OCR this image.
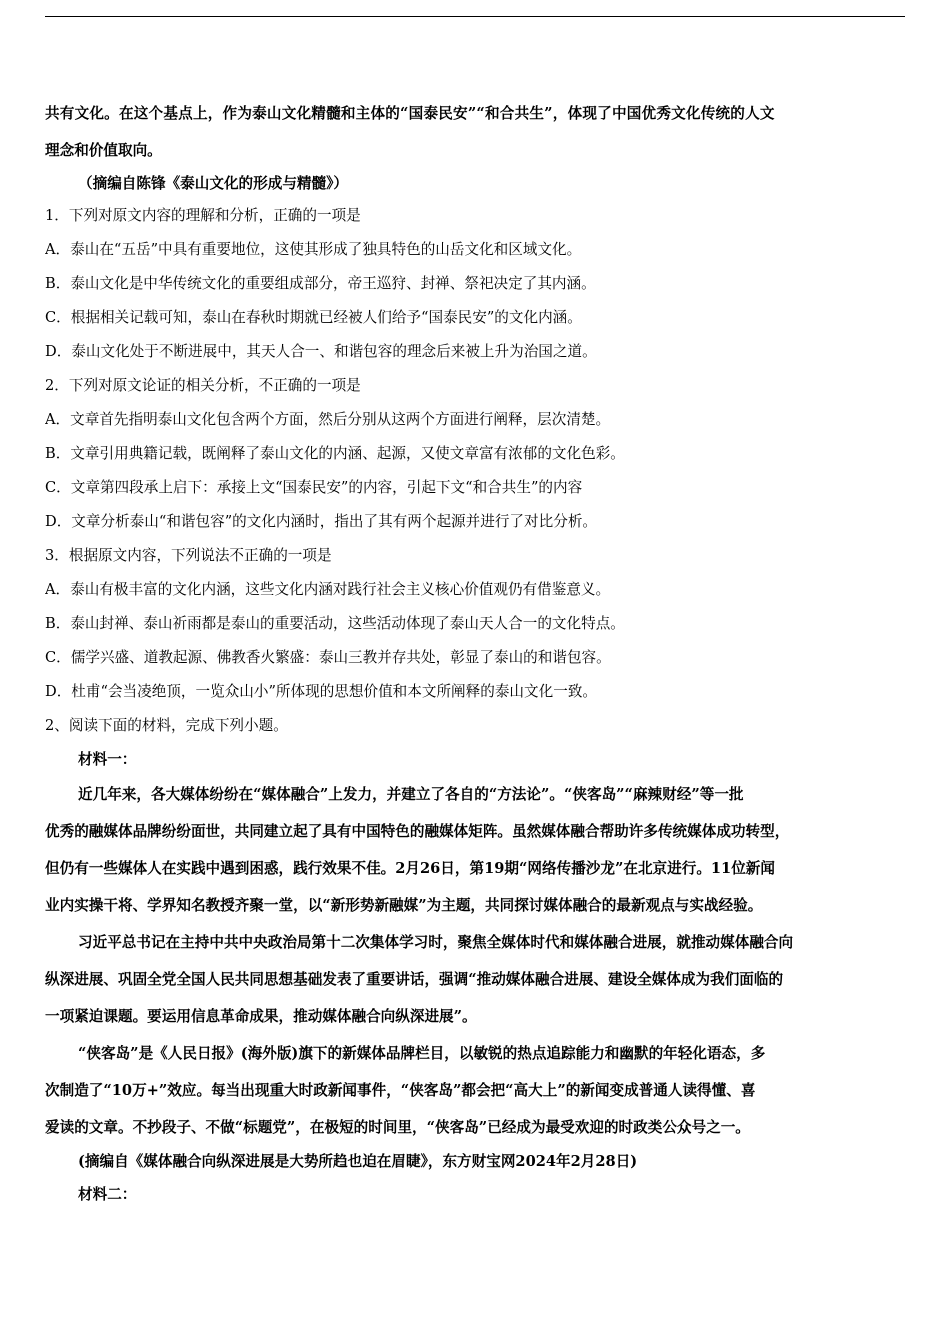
共有文化。在这个基点上，作为泰山文化精髓和主体的“国泰民安”“和合共生”，体现了中国优秀文化传统的人文
理念和价值取向。
（摘编自陈锋《泰山文化的形成与精髓》）
1．下列对原文内容的理解和分析，正确的一项是
A．泰山在“五岳”中具有重要地位，这使其形成了独具特色的山岳文化和区域文化。
B．泰山文化是中华传统文化的重要组成部分，帝王巡狩、封禅、祭祀决定了其内涵。
C．根据相关记载可知，泰山在春秋时期就已经被人们给予“国泰民安”的文化内涵。
D．泰山文化处于不断进展中，其天人合一、和谐包容的理念后来被上升为治国之道。
2．下列对原文论证的相关分析，不正确的一项是
A．文章首先指明泰山文化包含两个方面，然后分别从这两个方面进行阐释，层次清楚。
B．文章引用典籍记载，既阐释了泰山文化的内涵、起源，又使文章富有浓郁的文化色彩。
C．文章第四段承上启下：承接上文“国泰民安”的内容，引起下文“和合共生”的内容
D．文章分析泰山“和谐包容”的文化内涵时，指出了其有两个起源并进行了对比分析。
3．根据原文内容，下列说法不正确的一项是
A．泰山有极丰富的文化内涵，这些文化内涵对践行社会主义核心价值观仍有借鉴意义。
B．泰山封禅、泰山祈雨都是泰山的重要活动，这些活动体现了泰山天人合一的文化特点。
C．儒学兴盛、道教起源、佛教香火繁盛：泰山三教并存共处，彰显了泰山的和谐包容。
D．杜甫“会当凌绝顶，一览众山小”所体现的思想价值和本文所阐释的泰山文化一致。
2、阅读下面的材料，完成下列小题。
材料一：
近几年来，各大媒体纷纷在“媒体融合”上发力，并建立了各自的“方法论”。“侠客岛”“麻辣财经”等一批
优秀的融媒体品牌纷纷面世，共同建立起了具有中国特色的融媒体矩阵。虽然媒体融合帮助许多传统媒体成功转型，
但仍有一些媒体人在实践中遇到困惑，践行效果不佳。2月26日，第19期“网络传播沙龙”在北京进行。11位新闻
业内实操干将、学界知名教授齐聚一堂，以“新形势新融媒”为主题，共同探讨媒体融合的最新观点与实战经验。
习近平总书记在主持中共中央政治局第十二次集体学习时，聚焦全媒体时代和媒体融合进展，就推动媒体融合向
纵深进展、巩固全党全国人民共同思想基础发表了重要讲话，强调“推动媒体融合进展、建设全媒体成为我们面临的
一项紧迫课题。要运用信息革命成果，推动媒体融合向纵深进展”。
“侠客岛”是《人民日报》(海外版)旗下的新媒体品牌栏目，以敏锐的热点追踪能力和幽默的年轻化语态，多
次制造了“10万+”效应。每当出现重大时政新闻事件，“侠客岛”都会把“高大上”的新闻变成普通人读得懂、喜
爱读的文章。不抄段子、不做“标题党”，在极短的时间里，“侠客岛”已经成为最受欢迎的时政类公众号之一。
(摘编自《媒体融合向纵深进展是大势所趋也迫在眉睫》，东方财宝网2024年2月28日)
材料二：
